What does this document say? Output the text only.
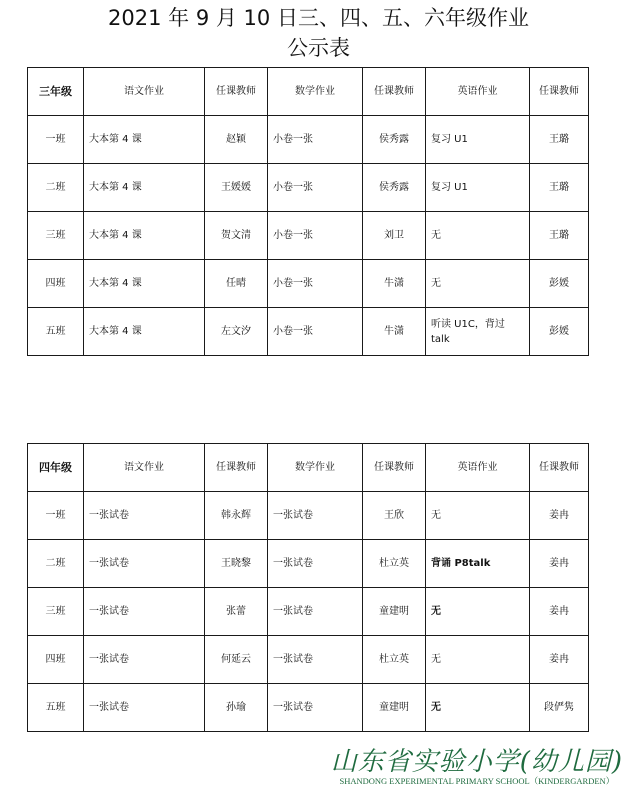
2021 年 9 月 10 日三、四、五、六年级作业
公示表
三年级	语文作业	任课教师	数学作业	任课教师	英语作业	任课教师
一班	大本第 4 课	赵颖	小卷一张	侯秀露	复习 U1	王璐
二班	大本第 4 课	王媛媛	小卷一张	侯秀露	复习 U1	王璐
三班	大本第 4 课	贺文清	小卷一张	刘卫	无	王璐
四班	大本第 4 课	任晴	小卷一张	牛潇	无	彭媛
五班	大本第 4 课	左文汐	小卷一张	牛潇	听读 U1C，背过 talk	彭媛
四年级	语文作业	任课教师	数学作业	任课教师	英语作业	任课教师
一班	一张试卷	韩永辉	一张试卷	王欣	无	姜冉
二班	一张试卷	王晓黎	一张试卷	杜立英	背诵 P8talk	姜冉
三班	一张试卷	张蕾	一张试卷	童建明	无	姜冉
四班	一张试卷	何延云	一张试卷	杜立英	无	姜冉
五班	一张试卷	孙瑜	一张试卷	童建明	无	段俨隽
山东省实验小学(幼儿园)
SHANDONG EXPERIMENTAL PRIMARY SCHOOL（KINDERGARDEN）
